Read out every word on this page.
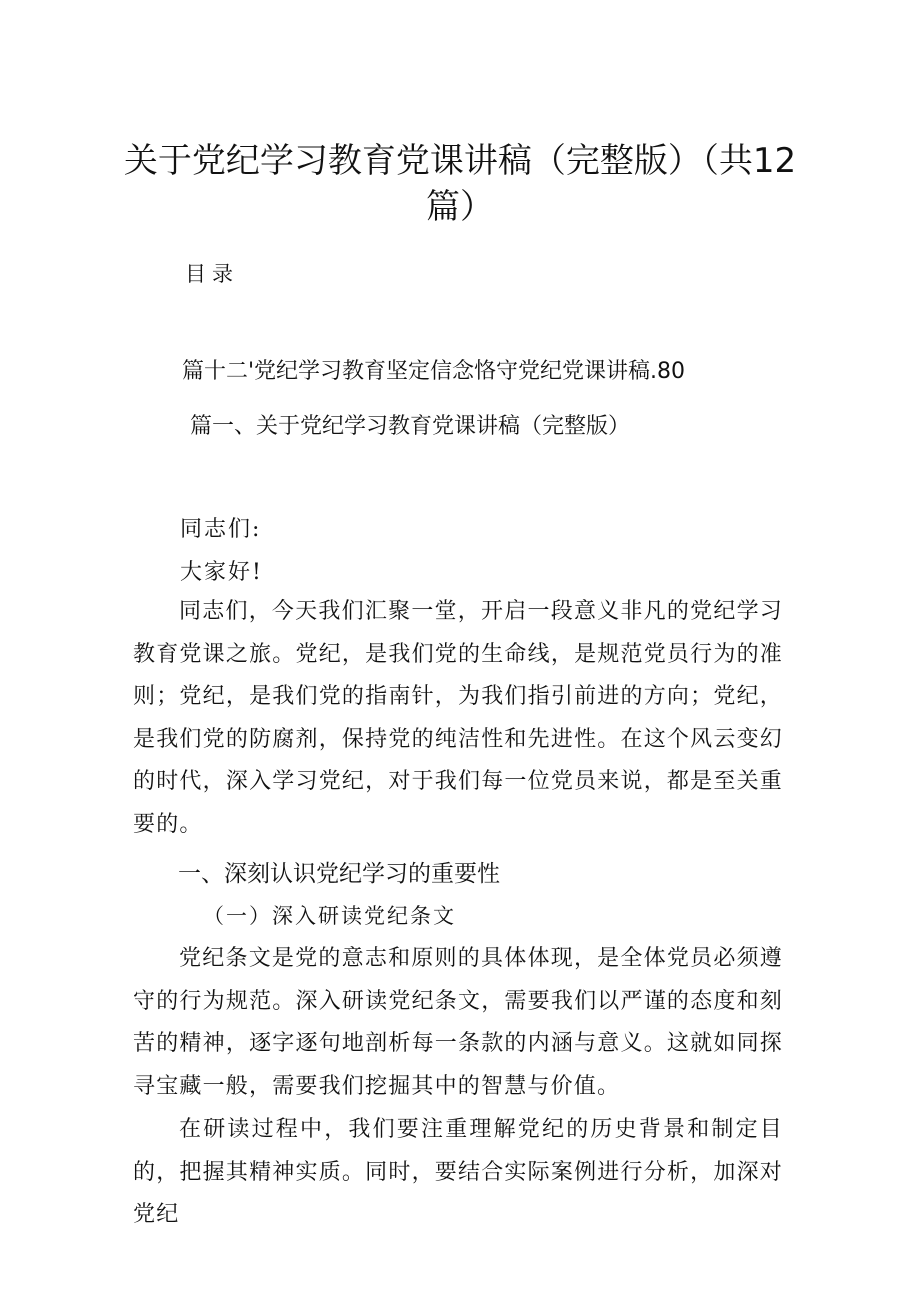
关于党纪学习教育党课讲稿（完整版）（共12篇）
目录
篇十二'党纪学习教育坚定信念恪守党纪党课讲稿.80
篇一、关于党纪学习教育党课讲稿（完整版）
同志们:
大家好!

同志们，今天我们汇聚一堂，开启一段意义非凡的党纪学习教育党课之旅。党纪，是我们党的生命线，是规范党员行为的准则；党纪，是我们党的指南针，为我们指引前进的方向；党纪，是我们党的防腐剂，保持党的纯洁性和先进性。在这个风云变幻的时代，深入学习党纪，对于我们每一位党员来说，都是至关重要的。

一、深刻认识党纪学习的重要性
（一）深入研读党纪条文

党纪条文是党的意志和原则的具体体现，是全体党员必须遵守的行为规范。深入研读党纪条文，需要我们以严谨的态度和刻苦的精神，逐字逐句地剖析每一条款的内涵与意义。这就如同探寻宝藏一般，需要我们挖掘其中的智慧与价值。

在研读过程中，我们要注重理解党纪的历史背景和制定目的，把握其精神实质。同时，要结合实际案例进行分析，加深对党纪
